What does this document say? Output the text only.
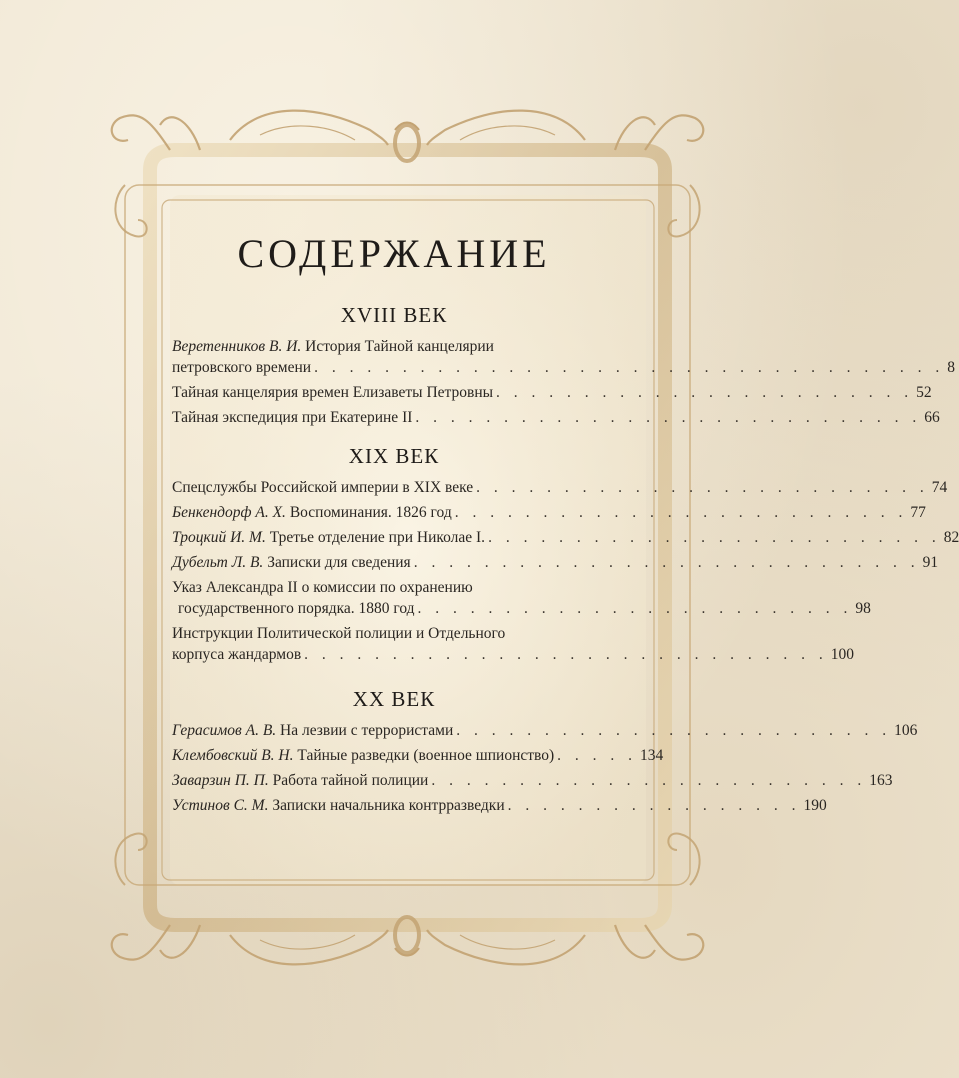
СОДЕРЖАНИЕ
XVIII ВЕК
Веретенников В. И. История Тайной канцелярии
петровского времени . . . . . . . . . . . . . . . . . . . . . . . . . . . . . . . . . . . . 8
Тайная канцелярия времен Елизаветы Петровны . . . . . . . . . . . . . . . . . . . . . . . . 52
Тайная экспедиция при Екатерине II . . . . . . . . . . . . . . . . . . . . . . . . . . . . . 66
XIX ВЕК
Спецслужбы Российской империи в XIX веке . . . . . . . . . . . . . . . . . . . . . . . . . . 74
Бенкендорф А. Х. Воспоминания. 1826 год . . . . . . . . . . . . . . . . . . . . . . . . . . 77
Троцкий И. М. Третье отделение при Николае I. . . . . . . . . . . . . . . . . . . . . . . . . . . 82
Дубельт Л. В. Записки для сведения . . . . . . . . . . . . . . . . . . . . . . . . . . . . . 91
Указ Александра II о комиссии по охранению
государственного порядка. 1880 год . . . . . . . . . . . . . . . . . . . . . . . . . 98
Инструкции Политической полиции и Отдельного
корпуса жандармов . . . . . . . . . . . . . . . . . . . . . . . . . . . . . . 100
XX ВЕК
Герасимов А. В. На лезвии с террористами . . . . . . . . . . . . . . . . . . . . . . . . . 106
Клембовский В. Н. Тайные разведки (военное шпионство) . . . . . 134
Заварзин П. П. Работа тайной полиции . . . . . . . . . . . . . . . . . . . . . . . . . 163
Устинов С. М. Записки начальника контрразведки . . . . . . . . . . . . . . . . . 190
